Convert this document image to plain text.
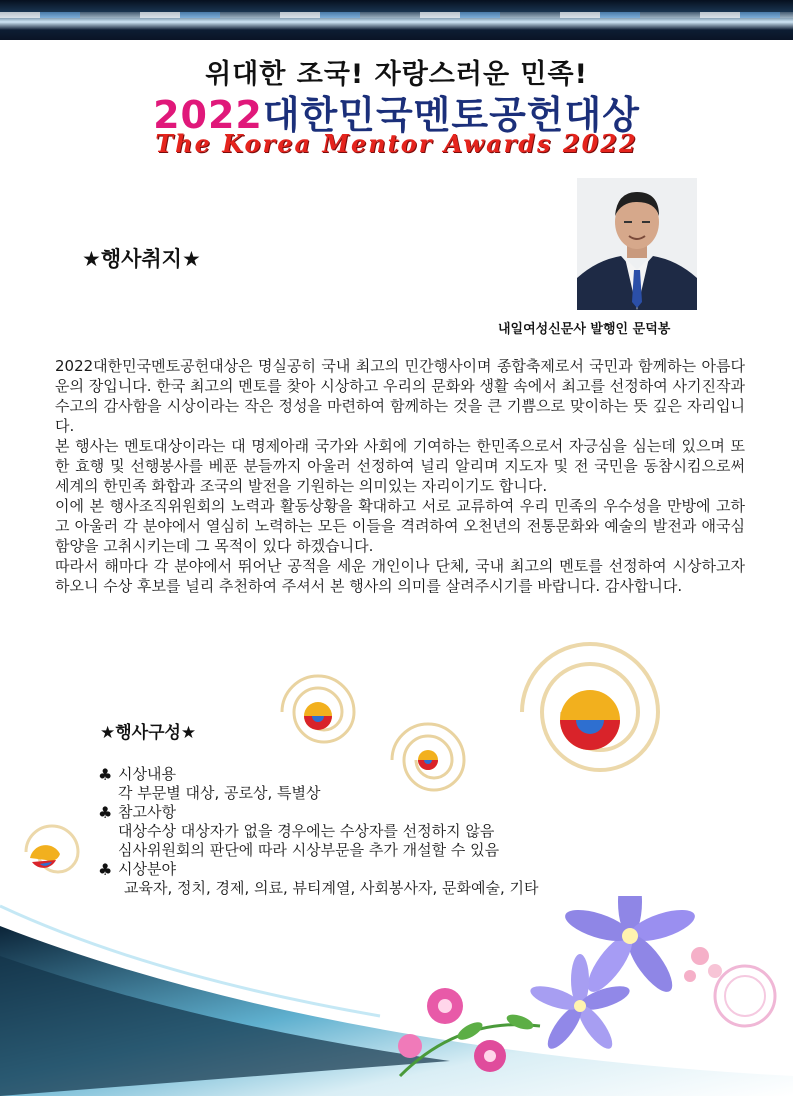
위대한 조국! 자랑스러운 민족!
2022대한민국멘토공헌대상
The Korea Mentor Awards 2022
★행사취지★
내일여성신문사 발행인 문덕봉

2022대한민국멘토공헌대상은 명실공히 국내 최고의 민간행사이며 종합축제로서 국민과 함께하는 아름다운의 장입니다. 한국 최고의 멘토를 찾아 시상하고 우리의 문화와 생활 속에서 최고를 선정하여 사기진작과 수고의 감사함을 시상이라는 작은 정성을 마련하여 함께하는 것을 큰 기쁨으로 맞이하는 뜻 깊은 자리입니다.

본 행사는 멘토대상이라는 대 명제아래 국가와 사회에 기여하는 한민족으로서 자긍심을 심는데 있으며 또한 효행 및 선행봉사를 베푼 분들까지 아울러 선정하여 널리 알리며 지도자 및 전 국민을 동참시킴으로써 세계의 한민족 화합과 조국의 발전을 기원하는 의미있는 자리이기도 합니다.

이에 본 행사조직위원회의 노력과 활동상황을 확대하고 서로 교류하여 우리 민족의 우수성을 만방에 고하고 아울러 각 분야에서 열심히 노력하는 모든 이들을 격려하여 오천년의 전통문화와 예술의 발전과 애국심 함양을 고취시키는데 그 목적이 있다 하겠습니다.

따라서 해마다 각 분야에서 뛰어난 공적을 세운 개인이나 단체, 국내 최고의 멘토를 선정하여 시상하고자 하오니 수상 후보를 널리 추천하여 주셔서 본 행사의 의미를 살려주시기를 바랍니다. 감사합니다.

★행사구성★
♣ 시상내용
각 부문별 대상, 공로상, 특별상
♣ 참고사항
대상수상 대상자가 없을 경우에는 수상자를 선정하지 않음
심사위원회의 판단에 따라 시상부문을 추가 개설할 수 있음
♣ 시상분야
교육자, 정치, 경제, 의료, 뷰티계열, 사회봉사자, 문화예술, 기타
